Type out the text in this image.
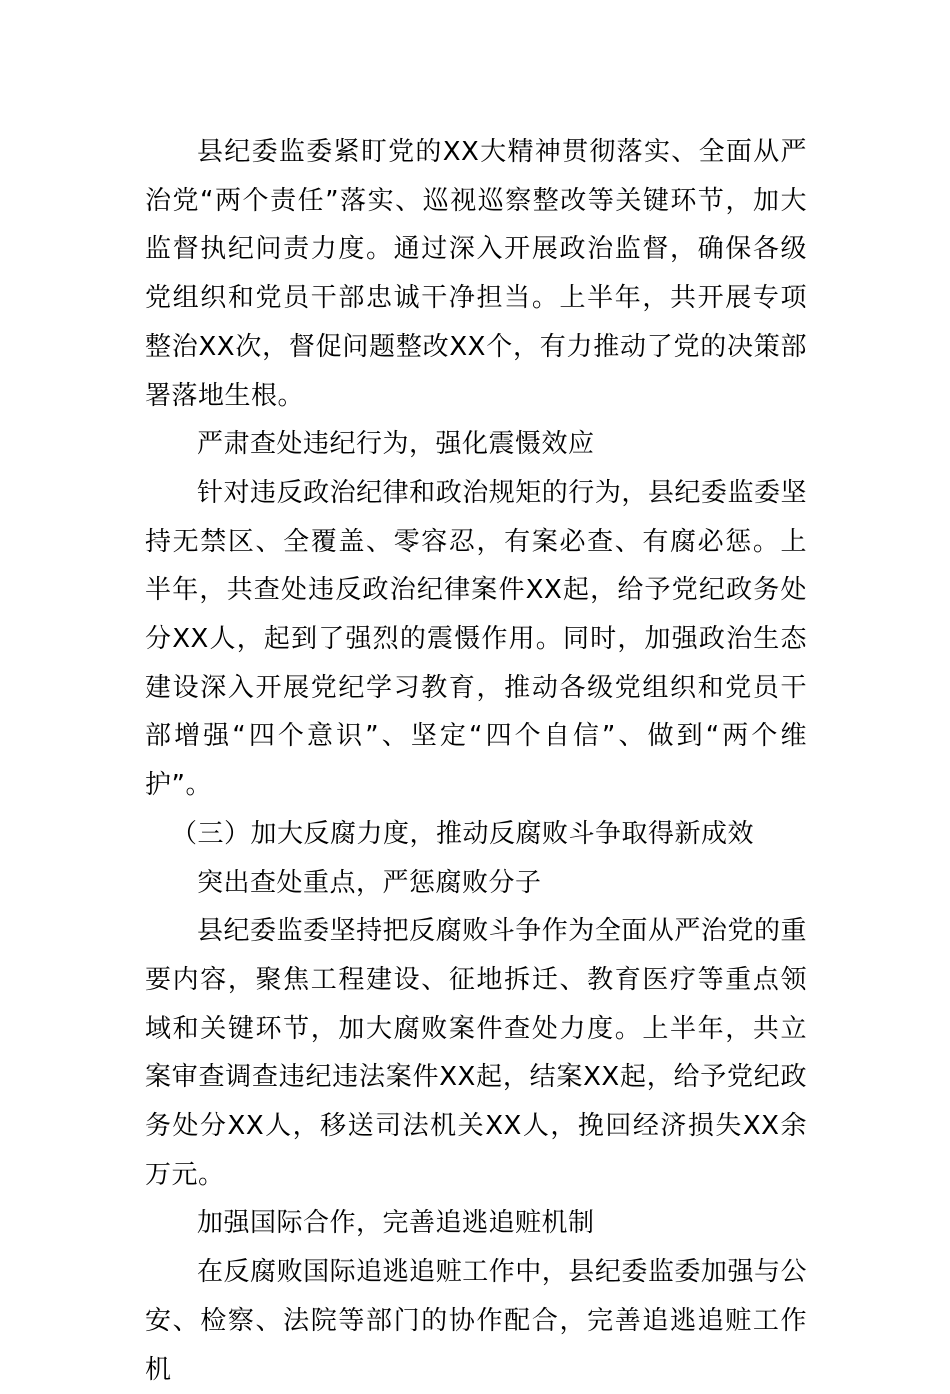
县纪委监委紧盯党的XX大精神贯彻落实、全面从严治党“两个责任”落实、巡视巡察整改等关键环节，加大监督执纪问责力度。通过深入开展政治监督，确保各级党组织和党员干部忠诚干净担当。上半年，共开展专项整治XX次，督促问题整改XX个，有力推动了党的决策部署落地生根。

严肃查处违纪行为，强化震慑效应

针对违反政治纪律和政治规矩的行为，县纪委监委坚持无禁区、全覆盖、零容忍，有案必查、有腐必惩。上半年，共查处违反政治纪律案件XX起，给予党纪政务处分XX人，起到了强烈的震慑作用。同时，加强政治生态建设深入开展党纪学习教育，推动各级党组织和党员干部增强“四个意识”、坚定“四个自信”、做到“两个维护”。

（三）加大反腐力度，推动反腐败斗争取得新成效

突出查处重点，严惩腐败分子

县纪委监委坚持把反腐败斗争作为全面从严治党的重要内容，聚焦工程建设、征地拆迁、教育医疗等重点领域和关键环节，加大腐败案件查处力度。上半年，共立案审查调查违纪违法案件XX起，结案XX起，给予党纪政务处分XX人，移送司法机关XX人，挽回经济损失XX余万元。

加强国际合作，完善追逃追赃机制

在反腐败国际追逃追赃工作中，县纪委监委加强与公安、检察、法院等部门的协作配合，完善追逃追赃工作机
